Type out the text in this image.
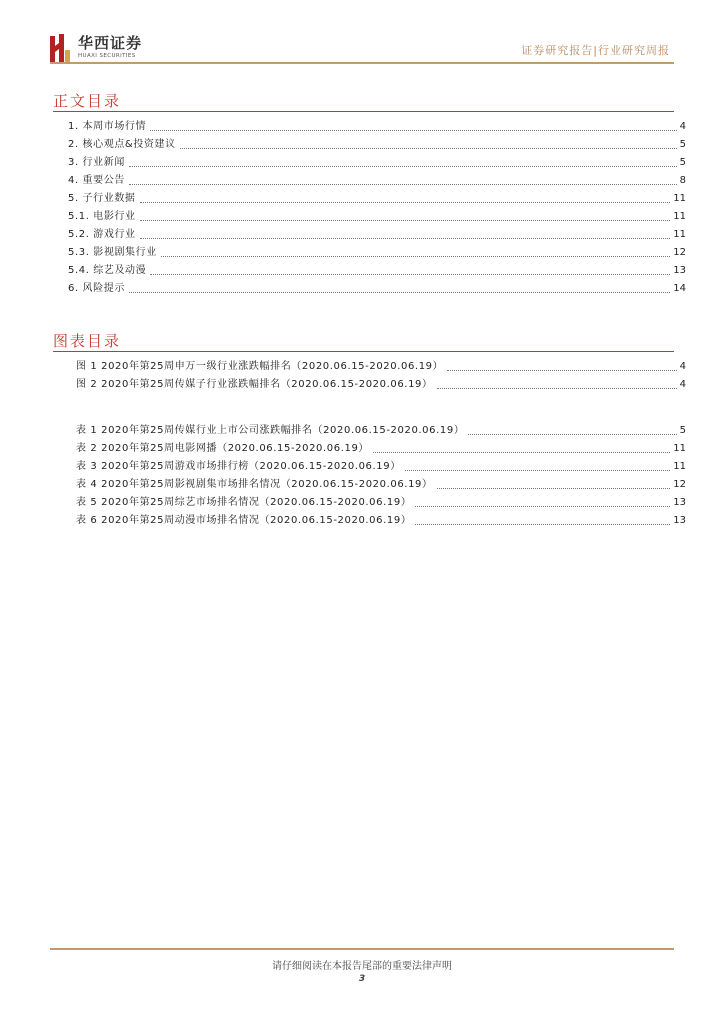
华西证券
HUAXI SECURITIES	证券研究报告|行业研究周报
正文目录
1. 本周市场行情	4
2. 核心观点&投资建议	5
3. 行业新闻	5
4. 重要公告	8
5. 子行业数据	11
5.1. 电影行业	11
5.2. 游戏行业	11
5.3. 影视剧集行业	12
5.4. 综艺及动漫	13
6. 风险提示	14
图表目录
图 1 2020年第25周申万一级行业涨跌幅排名（2020.06.15-2020.06.19）	4
图 2 2020年第25周传媒子行业涨跌幅排名（2020.06.15-2020.06.19）	4
表 1 2020年第25周传媒行业上市公司涨跌幅排名（2020.06.15-2020.06.19）	5
表 2 2020年第25周电影网播（2020.06.15-2020.06.19）	11
表 3 2020年第25周游戏市场排行榜（2020.06.15-2020.06.19）	11
表 4 2020年第25周影视剧集市场排名情况（2020.06.15-2020.06.19）	12
表 5 2020年第25周综艺市场排名情况（2020.06.15-2020.06.19）	13
表 6 2020年第25周动漫市场排名情况（2020.06.15-2020.06.19）	13
请仔细阅读在本报告尾部的重要法律声明
3
